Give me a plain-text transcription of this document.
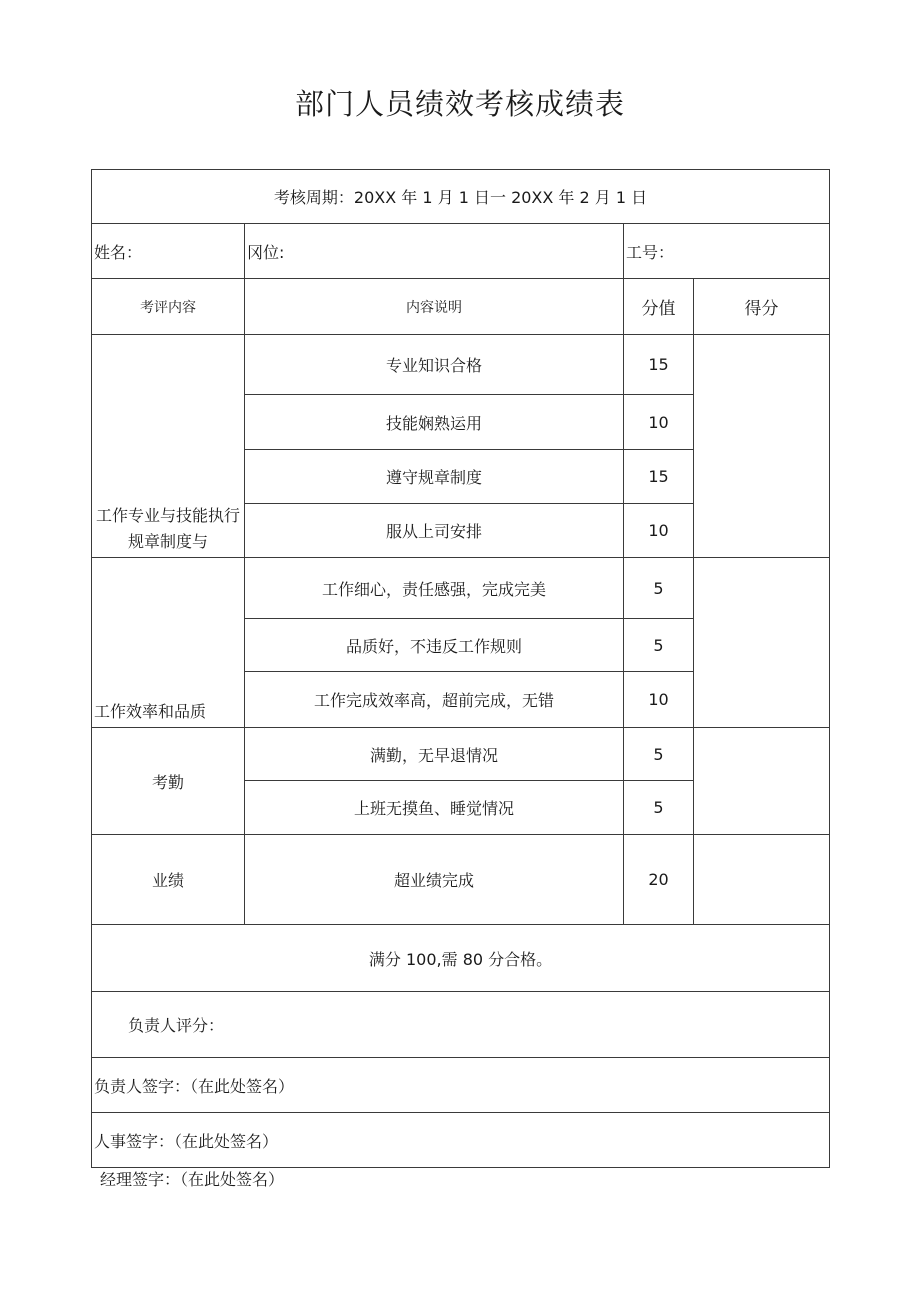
部门人员绩效考核成绩表
考核周期：20XX 年 1 月 1 日一 20XX 年 2 月 1 日			
姓名：	冈位:	工号：	
考评内容	内容说明	分值	得分

工作专业与技能执行规章制度与	专业知识合格	15	
	技能娴熟运用	10	
	遵守规章制度	15	
	服从上司安排	10	

工作效率和品质	工作细心，责任感强，完成完美	5	
	品质好，不违反工作规则	5	
	工作完成效率高，超前完成，无错	10	
考勤	满勤，无早退情况	5	
	上班无摸鱼、睡觉情况	5	
业绩	超业绩完成	20	
满分 100,需 80 分合格。			
负责人评分：			
负责人签字：（在此处签名）			
人事签字：（在此处签名）			
经理签字：（在此处签名）
